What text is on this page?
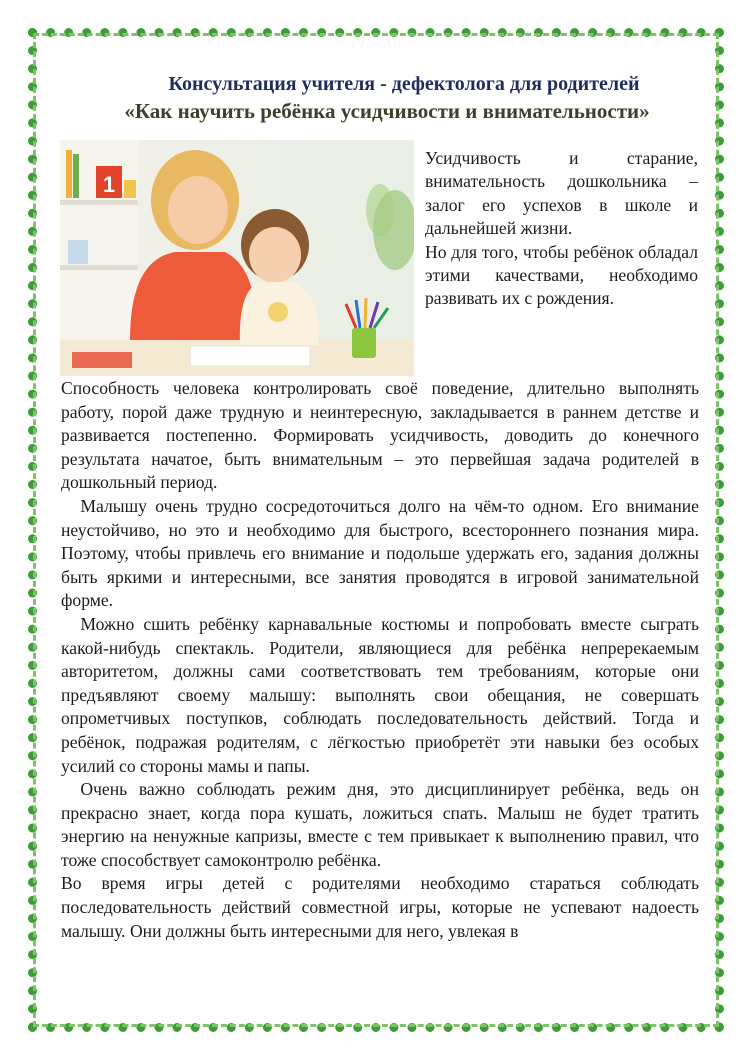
Консультация учителя - дефектолога для родителей
«Как научить ребёнка усидчивости и внимательности»
1

Усидчивость и старание, внимательность дошкольника – залог его успехов в школе и дальнейшей жизни.

Но для того, чтобы ребёнок обладал этими качествами, необходимо развивать их с рождения.

Способность человека контролировать своё поведение, длительно выполнять работу, порой даже трудную и неинтересную, закладывается в раннем детстве и развивается постепенно. Формировать усидчивость, доводить до конечного результата начатое, быть внимательным – это первейшая задача родителей в дошкольный период.

Малышу очень трудно сосредоточиться долго на чём-то одном. Его внимание неустойчиво, но это и необходимо для быстрого, всестороннего познания мира. Поэтому, чтобы привлечь его внимание и подольше удержать его, задания должны быть яркими и интересными, все занятия проводятся в игровой занимательной форме.

Можно сшить ребёнку карнавальные костюмы и попробовать вместе сыграть какой-нибудь спектакль. Родители, являющиеся для ребёнка непререкаемым авторитетом, должны сами соответствовать тем требованиям, которые они предъявляют своему малышу: выполнять свои обещания, не совершать опрометчивых поступков, соблюдать последовательность действий. Тогда и ребёнок, подражая родителям, с лёгкостью приобретёт эти навыки без особых усилий со стороны мамы и папы.

Очень важно соблюдать режим дня, это дисциплинирует ребёнка, ведь он прекрасно знает, когда пора кушать, ложиться спать. Малыш не будет тратить энергию на ненужные капризы, вместе с тем привыкает к выполнению правил, что тоже способствует самоконтролю ребёнка.

Во время игры детей с родителями необходимо стараться соблюдать последовательность действий совместной игры, которые не успевают надоесть малышу. Они должны быть интересными для него, увлекая в
